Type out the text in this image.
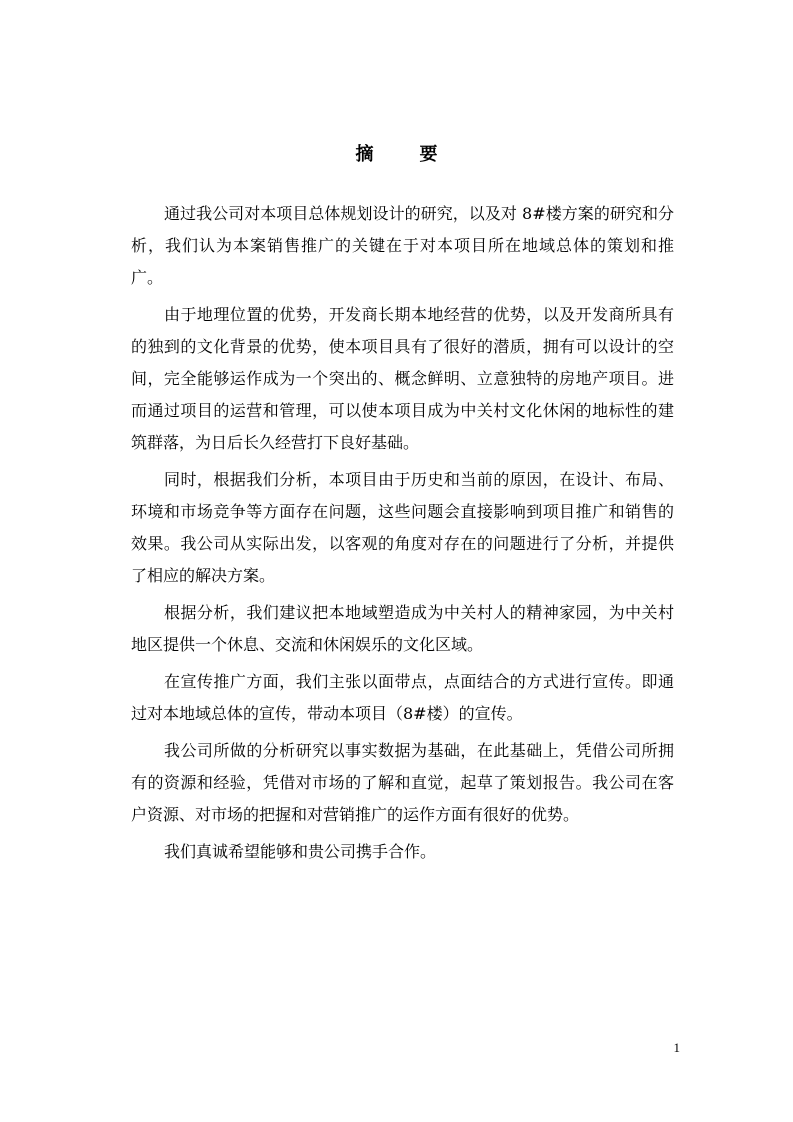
摘要

通过我公司对本项目总体规划设计的研究，以及对 8#楼方案的研究和分析，我们认为本案销售推广的关键在于对本项目所在地域总体的策划和推广。

由于地理位置的优势，开发商长期本地经营的优势，以及开发商所具有的独到的文化背景的优势，使本项目具有了很好的潜质，拥有可以设计的空间，完全能够运作成为一个突出的、概念鲜明、立意独特的房地产项目。进而通过项目的运营和管理，可以使本项目成为中关村文化休闲的地标性的建筑群落，为日后长久经营打下良好基础。

同时，根据我们分析，本项目由于历史和当前的原因，在设计、布局、环境和市场竞争等方面存在问题，这些问题会直接影响到项目推广和销售的效果。我公司从实际出发，以客观的角度对存在的问题进行了分析，并提供了相应的解决方案。

根据分析，我们建议把本地域塑造成为中关村人的精神家园，为中关村地区提供一个休息、交流和休闲娱乐的文化区域。

在宣传推广方面，我们主张以面带点，点面结合的方式进行宣传。即通过对本地域总体的宣传，带动本项目（8#楼）的宣传。

我公司所做的分析研究以事实数据为基础，在此基础上，凭借公司所拥有的资源和经验，凭借对市场的了解和直觉，起草了策划报告。我公司在客户资源、对市场的把握和对营销推广的运作方面有很好的优势。

我们真诚希望能够和贵公司携手合作。

1
